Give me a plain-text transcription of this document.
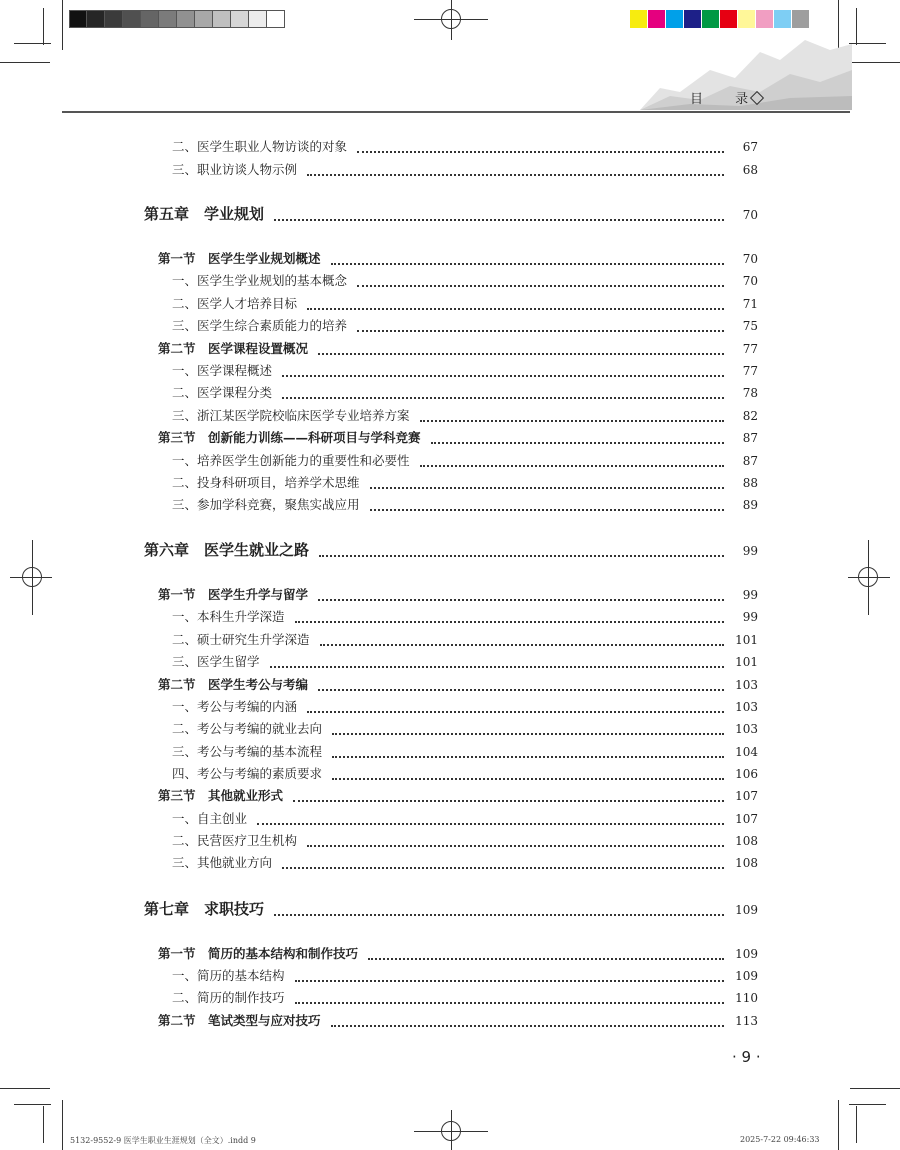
目 录
二、医学生职业人物访谈的对象	67
三、职业访谈人物示例	68
第五章　学业规划	70
第一节　医学生学业规划概述	70
一、医学生学业规划的基本概念	70
二、医学人才培养目标	71
三、医学生综合素质能力的培养	75
第二节　医学课程设置概况	77
一、医学课程概述	77
二、医学课程分类	78
三、浙江某医学院校临床医学专业培养方案	82
第三节　创新能力训练——科研项目与学科竞赛	87
一、培养医学生创新能力的重要性和必要性	87
二、投身科研项目，培养学术思维	88
三、参加学科竞赛，聚焦实战应用	89
第六章　医学生就业之路	99
第一节　医学生升学与留学	99
一、本科生升学深造	99
二、硕士研究生升学深造	101
三、医学生留学	101
第二节　医学生考公与考编	103
一、考公与考编的内涵	103
二、考公与考编的就业去向	103
三、考公与考编的基本流程	104
四、考公与考编的素质要求	106
第三节　其他就业形式	107
一、自主创业	107
二、民营医疗卫生机构	108
三、其他就业方向	108
第七章　求职技巧	109
第一节　简历的基本结构和制作技巧	109
一、简历的基本结构	109
二、简历的制作技巧	110
第二节　笔试类型与应对技巧	113
· 9 ·
5132-9552-9 医学生职业生涯规划（全文）.indd 9	2025-7-22 09:46:33
